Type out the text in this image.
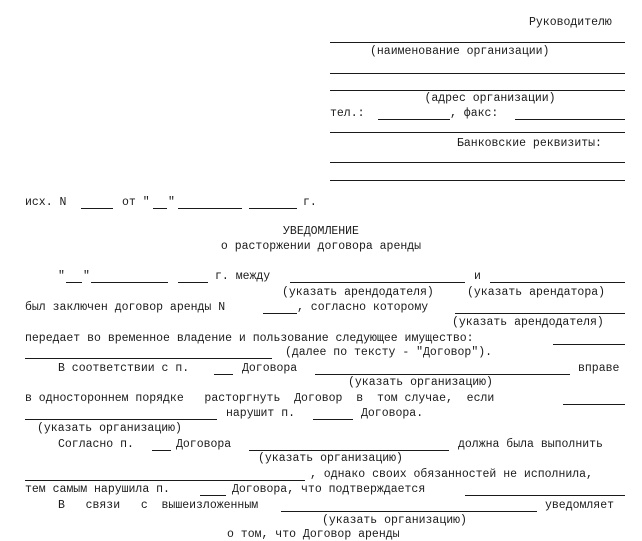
Руководителю
(наименование организации)
(адрес организации)
тел.:	, факс:
Банковские реквизиты:
исх. N	от " "	г.
УВЕДОМЛЕНИЕ
о расторжении договора аренды
" "	г. между	и
(указать арендодателя)	(указать арендатора)
был заключен договор аренды N	, согласно которому
(указать арендодателя)
передает во временное владение и пользование следующее имущество:
(далее по тексту - "Договор").
В соответствии с п.	Договора	вправе
(указать организацию)
в одностороннем порядке   расторгнуть  Договор  в  том случае,  если
нарушит п.	Договора.
(указать организацию)
Согласно п.	Договора	должна была выполнить
(указать организацию)
, однако своих обязанностей не исполнила,
тем самым нарушила п.	Договора, что подтверждается
В   связи   с  вышеизложенным	уведомляет
(указать организацию)
о том, что Договор аренды
